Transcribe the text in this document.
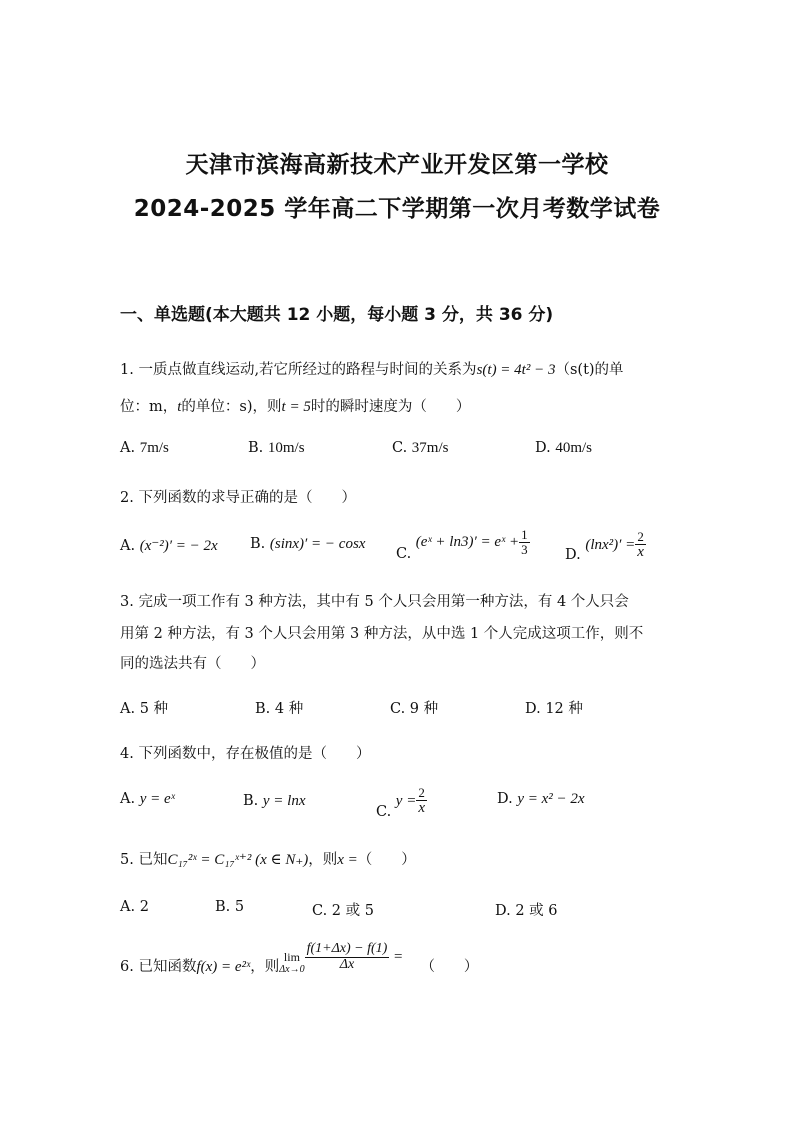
天津市滨海高新技术产业开发区第一学校
2024-2025 学年高二下学期第一次月考数学试卷
一、单选题(本大题共 12 小题，每小题 3 分，共 36 分)
1. 一质点做直线运动,若它所经过的路程与时间的关系为s(t) = 4t² − 3（s(t)的单
位：m，t的单位：s)，则t = 5时的瞬时速度为（　　）
A. 7m/s	B. 10m/s	C. 37m/s	D. 40m/s
2. 下列函数的求导正确的是（　　）
A. (x⁻²)′ = − 2x B. (sinx)′ = − cosx
C. (eˣ + ln3)′ = eˣ + $\frac{1}{3} D$. $(\ln x^2)' = \frac{2}{x}$
3. 完成一项工作有 3 种方法，其中有 5 个人只会用第一种方法，有 4 个人只会
用第 2 种方法，有 3 个人只会用第 3 种方法，从中选 1 个人完成这项工作，则不
同的选法共有（　　）
A. 5 种	B. 4 种	C. 9 种	D. 12 种
4. 下列函数中，存在极值的是（　　）
A. y = eˣ	B. y = lnx
C. $y = \frac{2}{x}$	D. y = x² − 2x
5. 已知C₁₇²ˣ = C₁₇ˣ⁺² (x ∈ N₊)，则x =（　　）
A. 2	B. 5	C. 2 或 5	D. 2 或 6
6. 已知函数f(x) = e²ˣ，则lim
$\Delta x\to 0 \frac{f(1+\Delta x) - f(1)}{\Delta x}$ =（　　）
